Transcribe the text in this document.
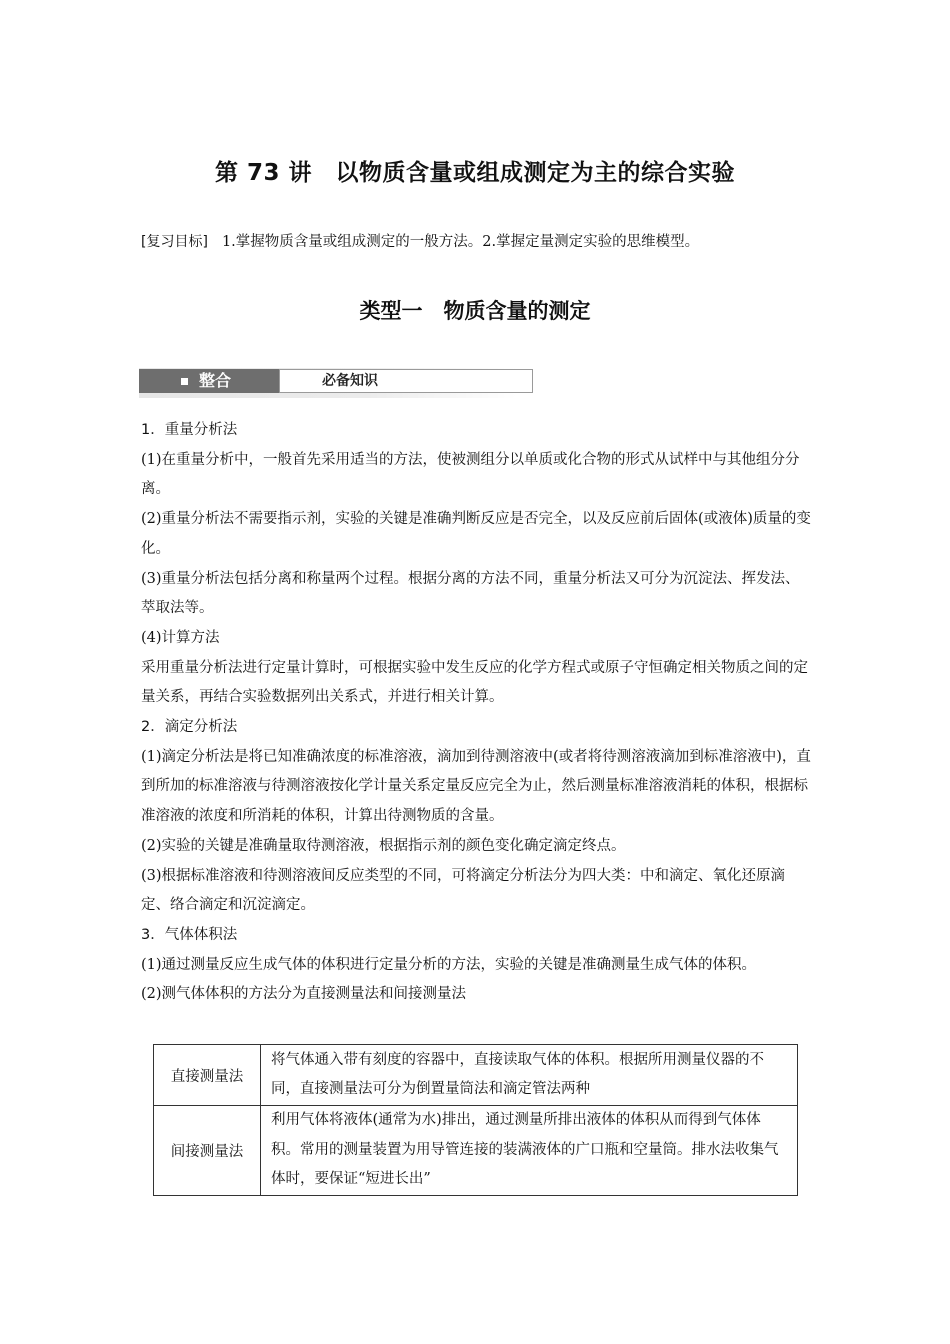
第 73 讲　以物质含量或组成测定为主的综合实验

[复习目标] 1.掌握物质含量或组成测定的一般方法。2.掌握定量测定实验的思维模型。

类型一　物质含量的测定
整合	必备知识

1．重量分析法

(1)在重量分析中，一般首先采用适当的方法，使被测组分以单质或化合物的形式从试样中与其他组分分离。

(2)重量分析法不需要指示剂，实验的关键是准确判断反应是否完全，以及反应前后固体(或液体)质量的变化。

(3)重量分析法包括分离和称量两个过程。根据分离的方法不同，重量分析法又可分为沉淀法、挥发法、萃取法等。

(4)计算方法

采用重量分析法进行定量计算时，可根据实验中发生反应的化学方程式或原子守恒确定相关物质之间的定量关系，再结合实验数据列出关系式，并进行相关计算。

2．滴定分析法

(1)滴定分析法是将已知准确浓度的标准溶液，滴加到待测溶液中(或者将待测溶液滴加到标准溶液中)，直到所加的标准溶液与待测溶液按化学计量关系定量反应完全为止，然后测量标准溶液消耗的体积，根据标准溶液的浓度和所消耗的体积，计算出待测物质的含量。

(2)实验的关键是准确量取待测溶液，根据指示剂的颜色变化确定滴定终点。

(3)根据标准溶液和待测溶液间反应类型的不同，可将滴定分析法分为四大类：中和滴定、氧化还原滴定、络合滴定和沉淀滴定。

3．气体体积法

(1)通过测量反应生成气体的体积进行定量分析的方法，实验的关键是准确测量生成气体的体积。

(2)测气体体积的方法分为直接测量法和间接测量法

直接测量法	将气体通入带有刻度的容器中，直接读取气体的体积。根据所用测量仪器的不同，直接测量法可分为倒置量筒法和滴定管法两种
间接测量法	利用气体将液体(通常为水)排出，通过测量所排出液体的体积从而得到气体体积。常用的测量装置为用导管连接的装满液体的广口瓶和空量筒。排水法收集气体时，要保证“短进长出”
